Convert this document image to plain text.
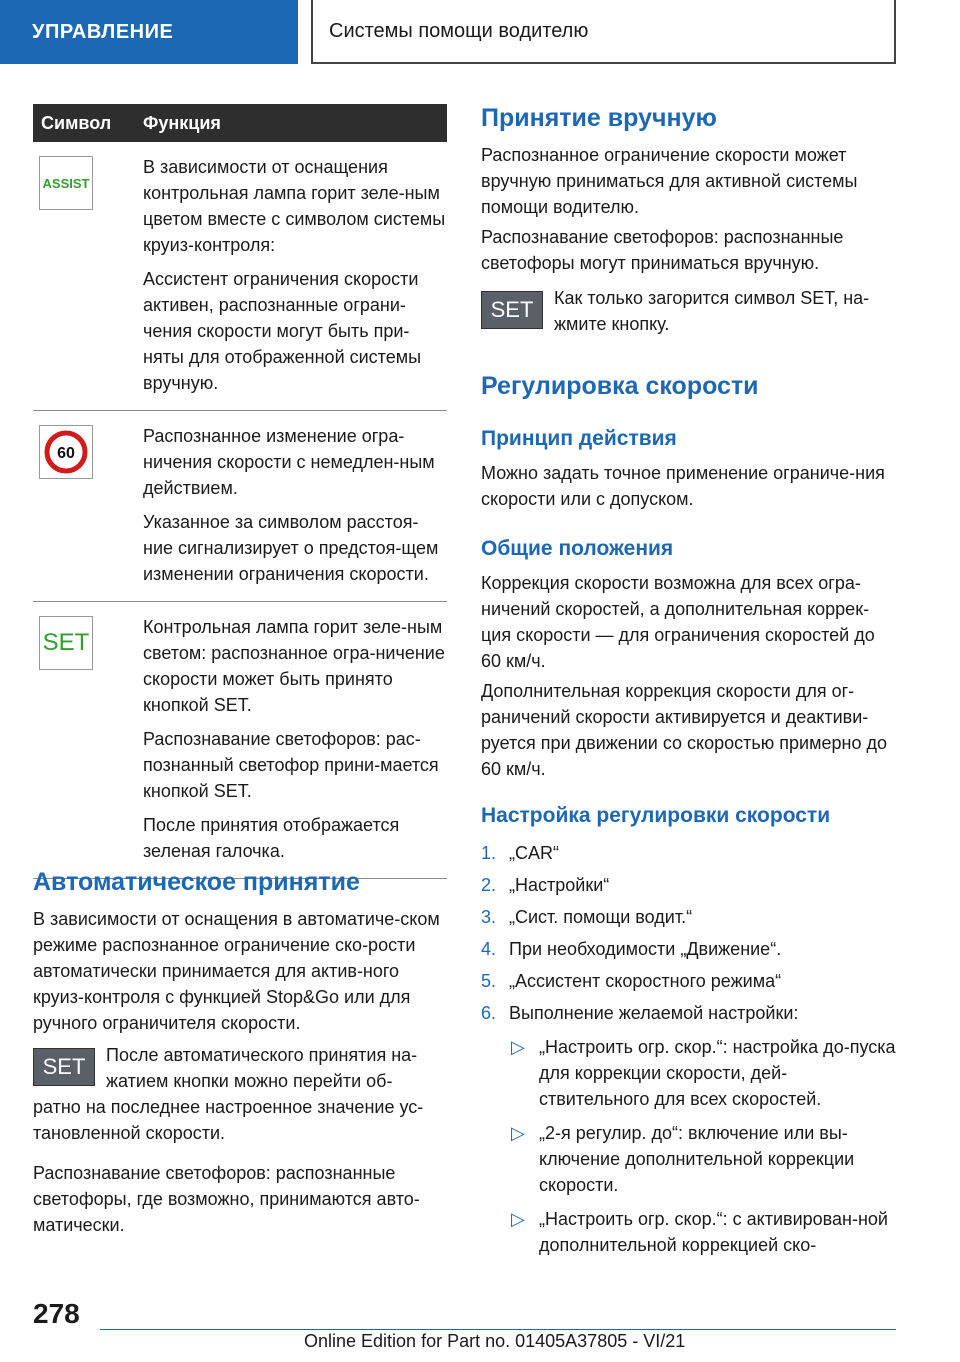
УПРАВЛЕНИЕ	Системы помощи водителю
Символ	Функция
ASSIST

В зависимости от оснащения контрольная лампа горит зеле-ным цветом вместе с символом системы круиз-контроля:

Ассистент ограничения скорости активен, распознанные ограни-чения скорости могут быть при-няты для отображенной системы вручную.

60

Распознанное изменение огра-ничения скорости с немедлен-ным действием.

Указанное за символом расстоя-ние сигнализирует о предстоя-щем изменении ограничения скорости.

SET

Контрольная лампа горит зеле-ным светом: распознанное огра-ничение скорости может быть принято кнопкой SET.

Распознавание светофоров: рас-познанный светофор прини-мается кнопкой SET.

После принятия отображается зеленая галочка.

Автоматическое принятие

В зависимости от оснащения в автоматиче-ском режиме распознанное ограничение ско-рости автоматически принимается для актив-ного круиз-контроля с функцией Stop&Go или для ручного ограничителя скорости.

SET После автоматического принятия на-жатием кнопки можно перейти об-

ратно на последнее настроенное значение ус-тановленной скорости.

Распознавание светофоров: распознанные светофоры, где возможно, принимаются авто-матически.

Принятие вручную

Распознанное ограничение скорости может вручную приниматься для активной системы помощи водителю.

Распознавание светофоров: распознанные светофоры могут приниматься вручную.

SET Как только загорится символ SET, на-жмите кнопку.

Регулировка скорости
Принцип действия

Можно задать точное применение ограниче-ния скорости или с допуском.

Общие положения

Коррекция скорости возможна для всех огра-ничений скоростей, а дополнительная коррек-ция скорости — для ограничения скоростей до 60 км/ч.

Дополнительная коррекция скорости для ог-раничений скорости активируется и деактиви-руется при движении со скоростью примерно до 60 км/ч.

Настройка регулировки скорости
1. „CAR“
2. „Настройки“
3. „Сист. помощи водит.“
4. При необходимости „Движение“.
5. „Ассистент скоростного режима“
6. Выполнение желаемой настройки:
▷ „Настроить огр. скор.“: настройка до-пуска для коррекции скорости, дей-ствительного для всех скоростей.
▷ „2-я регулир. до“: включение или вы-ключение дополнительной коррекции скорости.
▷ „Настроить огр. скор.“: с активирован-ной дополнительной коррекцией ско-
278
Online Edition for Part no. 01405A37805 - VI/21
